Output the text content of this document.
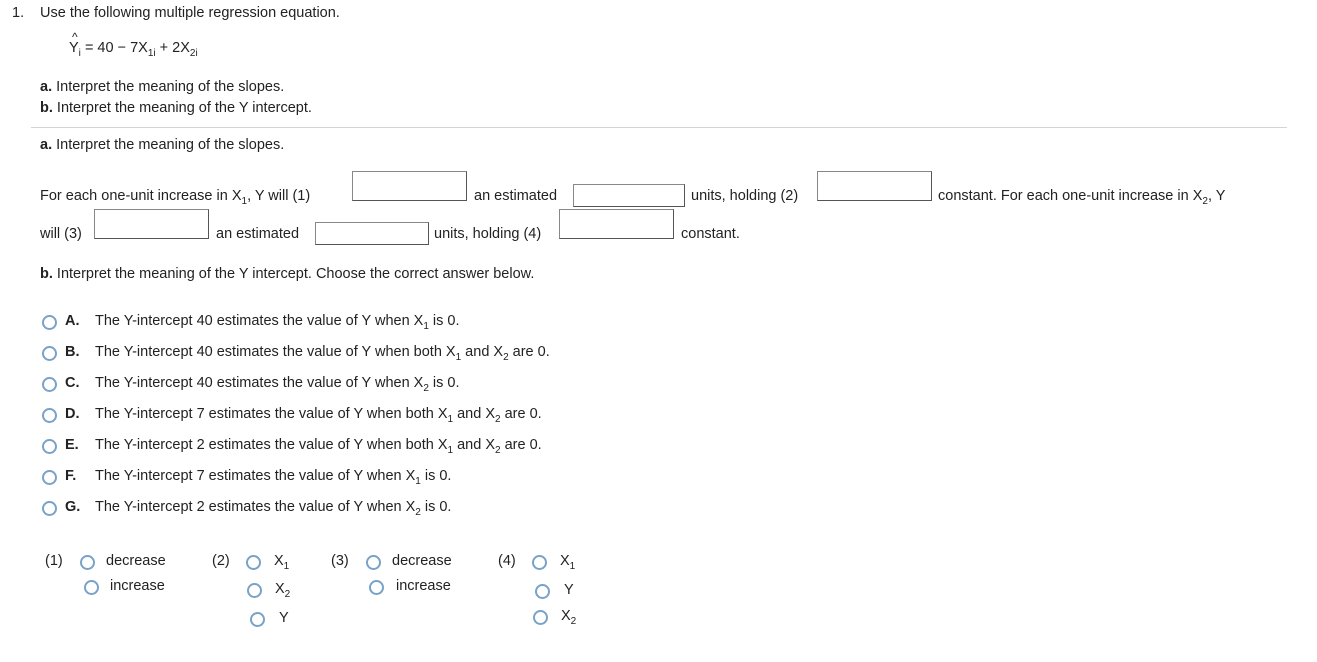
1. Use the following multiple regression equation.
^
$Y_i = 40 - 7X_{1i} + 2X_{2i}$
a. Interpret the meaning of the slopes.
b. Interpret the meaning of the Y intercept.
a. Interpret the meaning of the slopes.
For each one-unit increase in $X_1$, Y will (1)	an estimated	units, holding (2)	constant. For each one-unit increase in $X_2$, Y
will (3)	an estimated	units, holding (4)	constant.
b. Interpret the meaning of the Y intercept. Choose the correct answer below.
A. The Y-intercept 40 estimates the value of Y when $X_1$ is 0.
B. The Y-intercept 40 estimates the value of Y when both $X_1$ and $X_2$ are 0.
C. The Y-intercept 40 estimates the value of Y when $X_2$ is 0.
D. The Y-intercept 7 estimates the value of Y when both $X_1$ and $X_2$ are 0.
E. The Y-intercept 2 estimates the value of Y when both $X_1$ and $X_2$ are 0.
F. The Y-intercept 7 estimates the value of Y when $X_1$ is 0.
G. The Y-intercept 2 estimates the value of Y when $X_2$ is 0.
(1)	decrease
increase
(2)	$X_1$
$X_2$
Y
(3)	decrease
increase
(4)	$X_1$
Y
$X_2$
